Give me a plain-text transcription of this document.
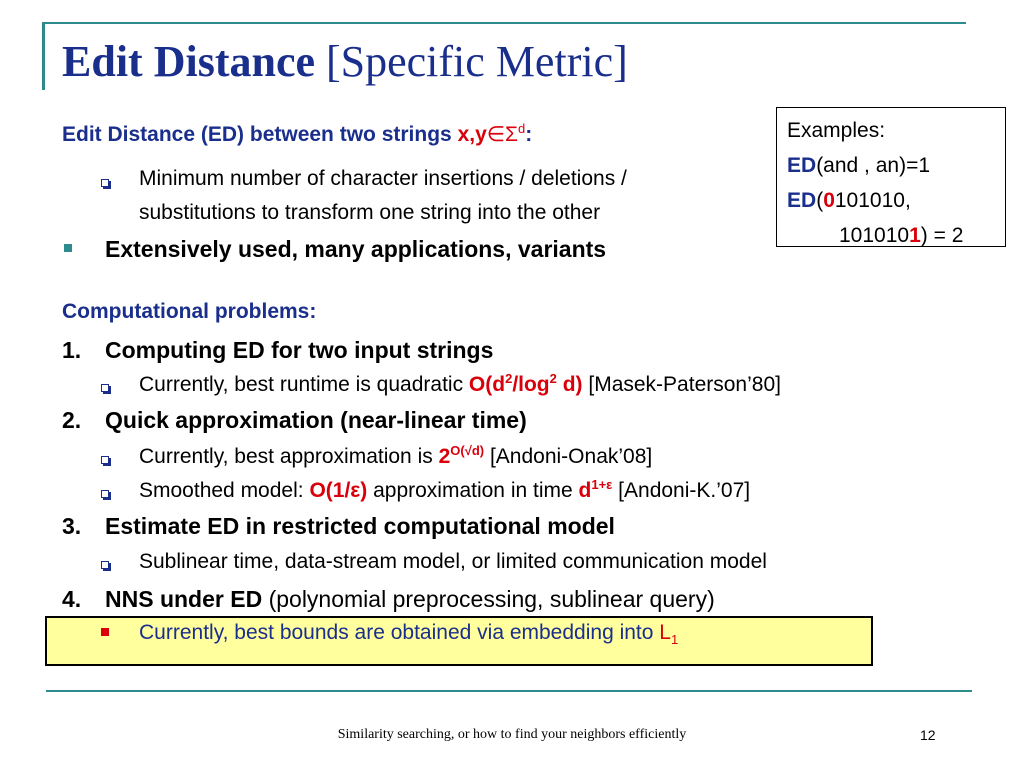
Edit Distance [Specific Metric]
Examples:
ED(and , an)=1
ED(0101010,
1010101) = 2
Edit Distance (ED) between two strings $x,y\in\Sigma^d$:
Minimum number of character insertions / deletions /
substitutions to transform one string into the other
Extensively used, many applications, variants
Computational problems:
1. Computing ED for two input strings
Currently, best runtime is quadratic $O(d^2/\log^2$ d) [Masek-Paterson’80]
2. Quick approximation (near-linear time)
Currently, best approximation is $2^{O(√d)}$ [Andoni-Onak’08]
Smoothed model: O(1/ε) approximation in time $d^{1+\varepsilon}$ [Andoni-K.’07]
3. Estimate ED in restricted computational model
Sublinear time, data-stream model, or limited communication model
4. NNS under ED (polynomial preprocessing, sublinear query)
Currently, best bounds are obtained via embedding into $L_1$
Similarity searching, or how to find your neighbors efficiently	12
